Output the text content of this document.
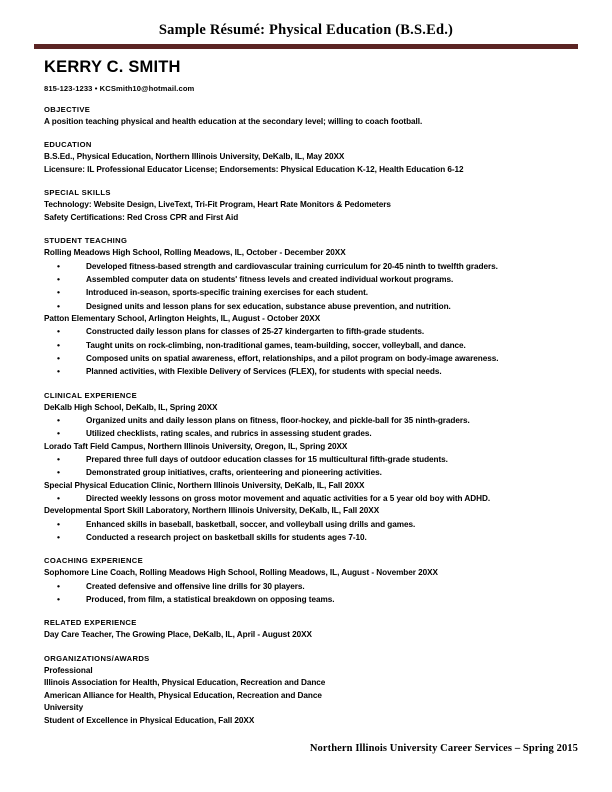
Sample Résumé: Physical Education (B.S.Ed.)
KERRY C. SMITH
815-123-1233 • KCSmith10@hotmail.com
OBJECTIVE
A position teaching physical and health education at the secondary level; willing to coach football.
EDUCATION
B.S.Ed., Physical Education, Northern Illinois University, DeKalb, IL, May 20XX
Licensure: IL Professional Educator License; Endorsements: Physical Education K-12, Health Education 6-12
SPECIAL SKILLS
Technology: Website Design, LiveText, Tri-Fit Program, Heart Rate Monitors & Pedometers
Safety Certifications: Red Cross CPR and First Aid
STUDENT TEACHING
Rolling Meadows High School, Rolling Meadows, IL, October - December 20XX
• Developed fitness-based strength and cardiovascular training curriculum for 20-45 ninth to twelfth graders.
• Assembled computer data on students' fitness levels and created individual workout programs.
• Introduced in-season, sports-specific training exercises for each student.
• Designed units and lesson plans for sex education, substance abuse prevention, and nutrition.
Patton Elementary School, Arlington Heights, IL, August - October 20XX
• Constructed daily lesson plans for classes of 25-27 kindergarten to fifth-grade students.
• Taught units on rock-climbing, non-traditional games, team-building, soccer, volleyball, and dance.
• Composed units on spatial awareness, effort, relationships, and a pilot program on body-image awareness.
• Planned activities, with Flexible Delivery of Services (FLEX), for students with special needs.
CLINICAL EXPERIENCE
DeKalb High School, DeKalb, IL, Spring 20XX
• Organized units and daily lesson plans on fitness, floor-hockey, and pickle-ball for 35 ninth-graders.
• Utilized checklists, rating scales, and rubrics in assessing student grades.
Lorado Taft Field Campus, Northern Illinois University, Oregon, IL, Spring 20XX
• Prepared three full days of outdoor education classes for 15 multicultural fifth-grade students.
• Demonstrated group initiatives, crafts, orienteering and pioneering activities.
Special Physical Education Clinic, Northern Illinois University, DeKalb, IL, Fall 20XX
• Directed weekly lessons on gross motor movement and aquatic activities for a 5 year old boy with ADHD.
Developmental Sport Skill Laboratory, Northern Illinois University, DeKalb, IL, Fall 20XX
• Enhanced skills in baseball, basketball, soccer, and volleyball using drills and games.
• Conducted a research project on basketball skills for students ages 7-10.
COACHING EXPERIENCE
Sophomore Line Coach, Rolling Meadows High School, Rolling Meadows, IL, August - November 20XX
• Created defensive and offensive line drills for 30 players.
• Produced, from film, a statistical breakdown on opposing teams.
RELATED EXPERIENCE
Day Care Teacher, The Growing Place, DeKalb, IL, April - August 20XX
ORGANIZATIONS/AWARDS
Professional
Illinois Association for Health, Physical Education, Recreation and Dance
American Alliance for Health, Physical Education, Recreation and Dance
University
Student of Excellence in Physical Education, Fall 20XX
Northern Illinois University Career Services – Spring 2015
